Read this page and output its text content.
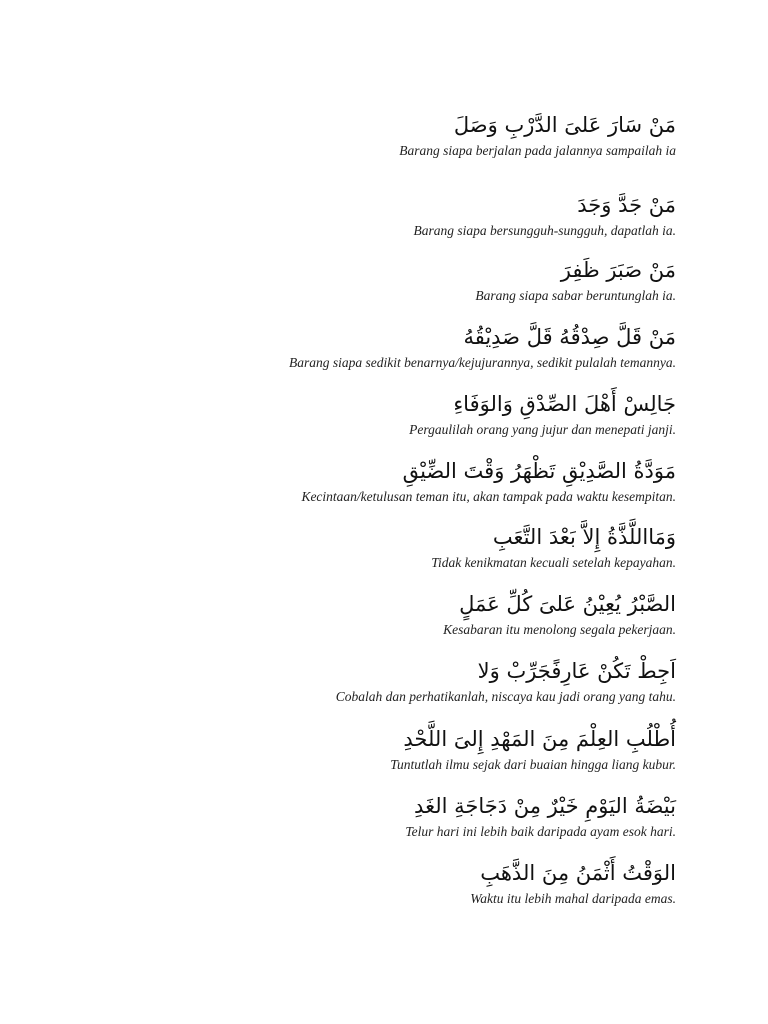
مَنْ سَارَ عَلىَ الدَّرْبِ وَصَلَ
Barang siapa berjalan pada jalannya sampailah ia
مَنْ جَدَّ وَجَدَ
Barang siapa bersungguh-sungguh, dapatlah ia.
مَنْ صَبَرَ ظَفِرَ
Barang siapa sabar beruntunglah ia.
مَنْ قَلَّ صِدْقُهُ قَلَّ صَدِيْقُهُ
Barang siapa sedikit benarnya/kejujurannya, sedikit pulalah temannya.
جَالِسْ أَهْلَ الصِّدْقِ وَالوَفَاءِ
Pergaulilah orang yang jujur dan menepati janji.
مَوَدَّةُ الصَّدِيْقِ تَظْهَرُ وَقْتَ الضِّيْقِ
Kecintaan/ketulusan teman itu, akan tampak pada waktu kesempitan.
وَمَااللَّذَّةُ إِلاَّ بَعْدَ التَّعَبِ
Tidak kenikmatan kecuali setelah kepayahan.
الصَّبْرُ يُعِيْنُ عَلىَ كُلِّ عَمَلٍ
Kesabaran itu menolong segala pekerjaan.
اَجِطْ تَكُنْ عَارِفًَجَرِّبْ وَلا
Cobalah dan perhatikanlah, niscaya kau jadi orang yang tahu.
أُطْلُبِ العِلْمَ مِنَ المَهْدِ إِلىَ اللَّحْدِ
Tuntutlah ilmu sejak dari buaian hingga liang kubur.
بَيْضَةُ اليَوْمِ خَيْرٌ مِنْ دَجَاجَةِ الغَدِ
Telur hari ini lebih baik daripada ayam esok hari.
الوَقْتُ أَثْمَنُ مِنَ الذَّهَبِ
Waktu itu lebih mahal daripada emas.
